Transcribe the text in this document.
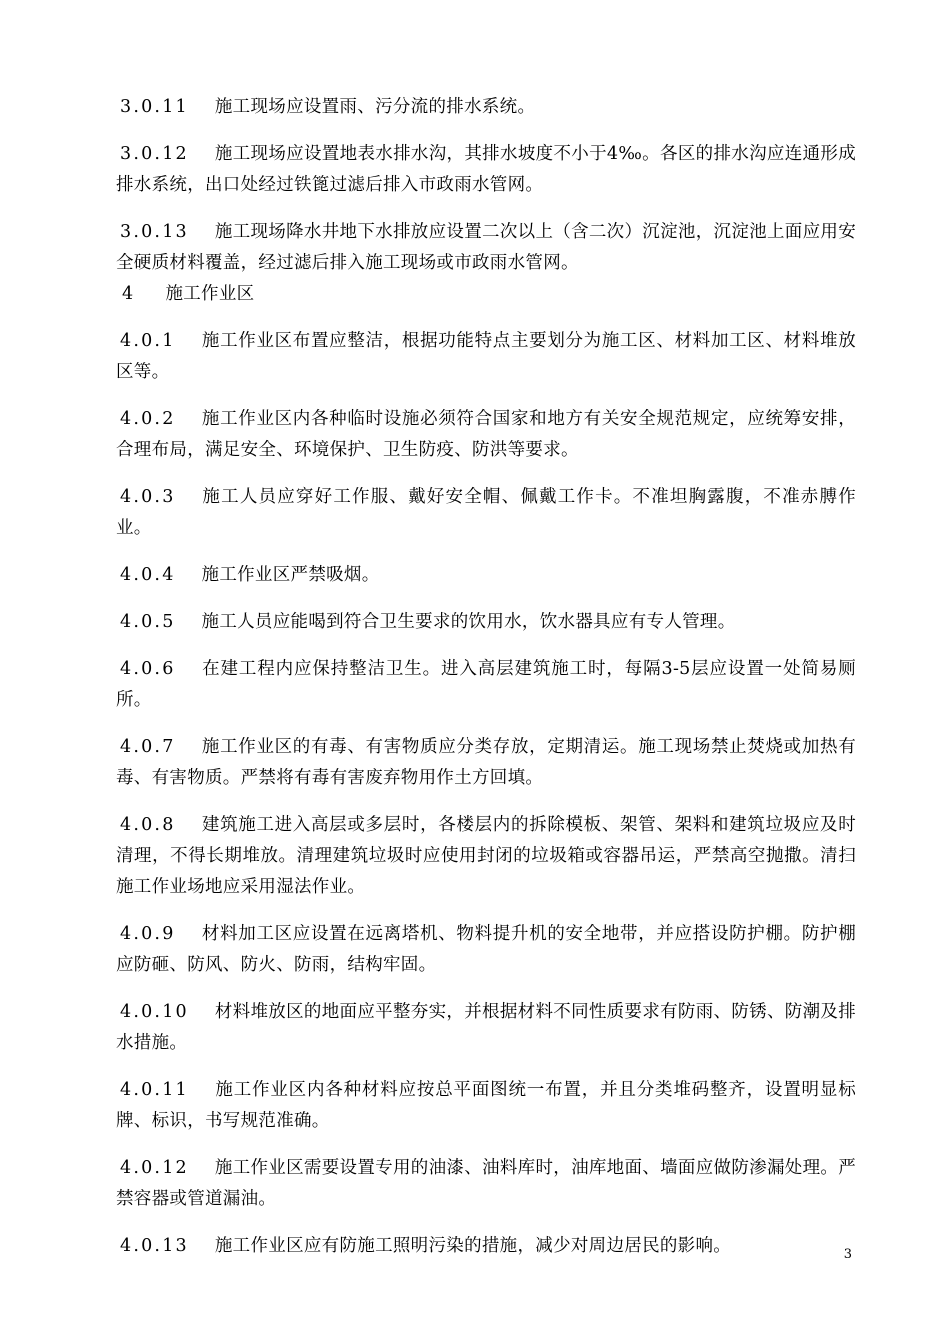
3.0.11 施工现场应设置雨、污分流的排水系统。

3.0.12 施工现场应设置地表水排水沟，其排水坡度不小于4‰。各区的排水沟应连通形成排水系统，出口处经过铁篦过滤后排入市政雨水管网。

3.0.13 施工现场降水井地下水排放应设置二次以上（含二次）沉淀池，沉淀池上面应用安全硬质材料覆盖，经过滤后排入施工现场或市政雨水管网。

4 施工作业区

4.0.1 施工作业区布置应整洁，根据功能特点主要划分为施工区、材料加工区、材料堆放区等。

4.0.2 施工作业区内各种临时设施必须符合国家和地方有关安全规范规定，应统筹安排，合理布局，满足安全、环境保护、卫生防疫、防洪等要求。

4.0.3 施工人员应穿好工作服、戴好安全帽、佩戴工作卡。不准坦胸露腹，不准赤膊作业。

4.0.4 施工作业区严禁吸烟。

4.0.5 施工人员应能喝到符合卫生要求的饮用水，饮水器具应有专人管理。

4.0.6 在建工程内应保持整洁卫生。进入高层建筑施工时，每隔3-5层应设置一处简易厕所。

4.0.7 施工作业区的有毒、有害物质应分类存放，定期清运。施工现场禁止焚烧或加热有毒、有害物质。严禁将有毒有害废弃物用作土方回填。

4.0.8 建筑施工进入高层或多层时，各楼层内的拆除模板、架管、架料和建筑垃圾应及时清理，不得长期堆放。清理建筑垃圾时应使用封闭的垃圾箱或容器吊运，严禁高空抛撒。清扫施工作业场地应采用湿法作业。

4.0.9 材料加工区应设置在远离塔机、物料提升机的安全地带，并应搭设防护棚。防护棚应防砸、防风、防火、防雨，结构牢固。

4.0.10 材料堆放区的地面应平整夯实，并根据材料不同性质要求有防雨、防锈、防潮及排水措施。

4.0.11 施工作业区内各种材料应按总平面图统一布置，并且分类堆码整齐，设置明显标牌、标识，书写规范准确。

4.0.12 施工作业区需要设置专用的油漆、油料库时，油库地面、墙面应做防渗漏处理。严禁容器或管道漏油。

4.0.13 施工作业区应有防施工照明污染的措施，减少对周边居民的影响。	3
